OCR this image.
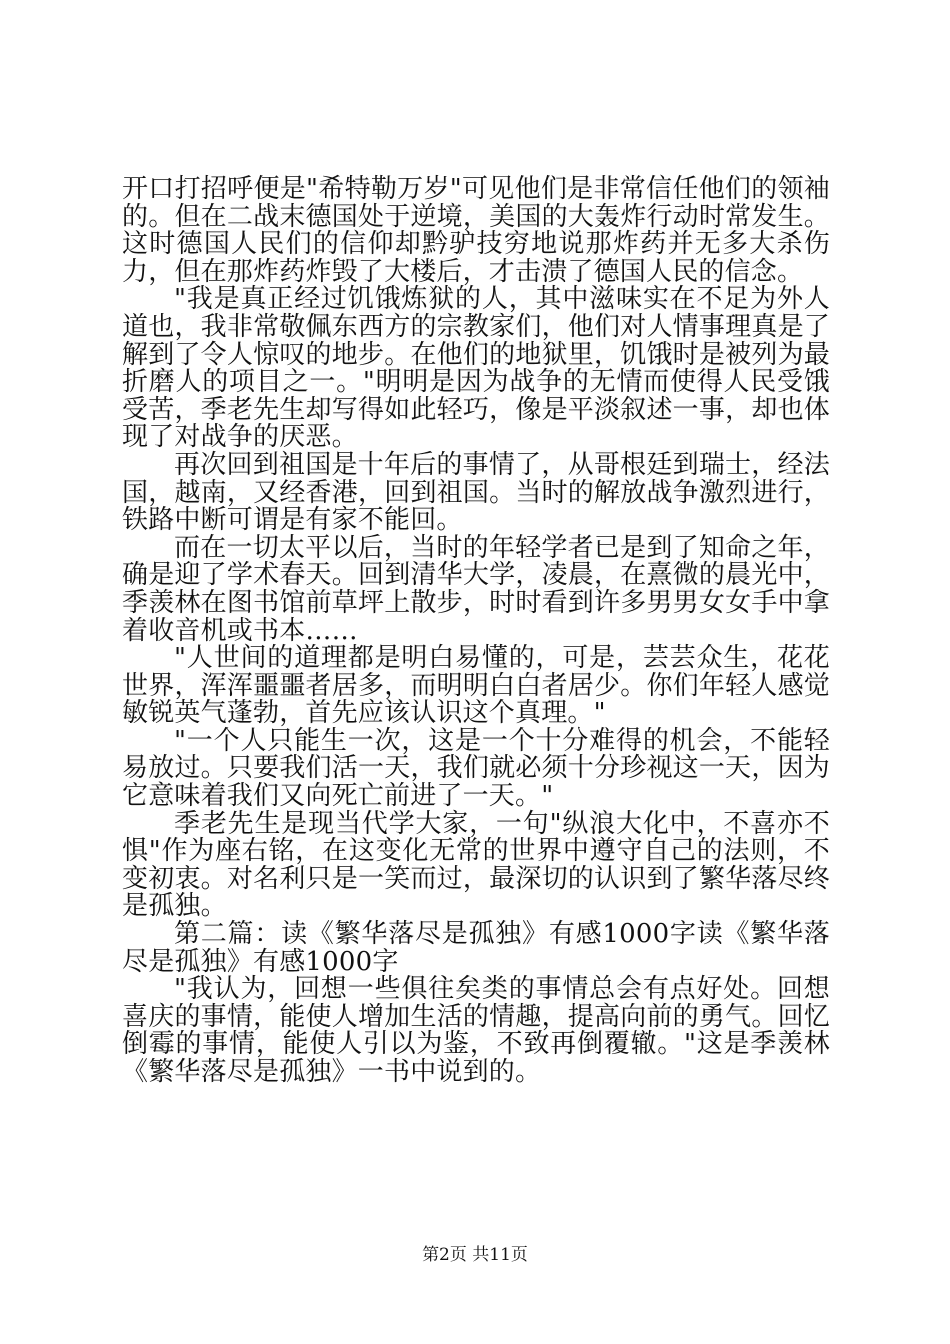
开口打招呼便是"希特勒万岁"可见他们是非常信任他们的领袖的。但在二战末德国处于逆境，美国的大轰炸行动时常发生。这时德国人民们的信仰却黔驴技穷地说那炸药并无多大杀伤力，但在那炸药炸毁了大楼后，才击溃了德国人民的信念。

"我是真正经过饥饿炼狱的人，其中滋味实在不足为外人道也，我非常敬佩东西方的宗教家们，他们对人情事理真是了解到了令人惊叹的地步。在他们的地狱里，饥饿时是被列为最折磨人的项目之一。"明明是因为战争的无情而使得人民受饿受苦，季老先生却写得如此轻巧，像是平淡叙述一事，却也体现了对战争的厌恶。

再次回到祖国是十年后的事情了，从哥根廷到瑞士，经法国，越南，又经香港，回到祖国。当时的解放战争激烈进行，铁路中断可谓是有家不能回。

而在一切太平以后，当时的年轻学者已是到了知命之年，确是迎了学术春天。回到清华大学，凌晨，在熹微的晨光中，季羡林在图书馆前草坪上散步，时时看到许多男男女女手中拿着收音机或书本……

"人世间的道理都是明白易懂的，可是，芸芸众生，花花世界，浑浑噩噩者居多，而明明白白者居少。你们年轻人感觉敏锐英气蓬勃，首先应该认识这个真理。"

"一个人只能生一次，这是一个十分难得的机会，不能轻易放过。只要我们活一天，我们就必须十分珍视这一天，因为它意味着我们又向死亡前进了一天。"

季老先生是现当代学大家，一句"纵浪大化中，不喜亦不惧"作为座右铭，在这变化无常的世界中遵守自己的法则，不变初衷。对名利只是一笑而过，最深切的认识到了繁华落尽终是孤独。

第二篇：读《繁华落尽是孤独》有感1000字读《繁华落尽是孤独》有感1000字

"我认为，回想一些俱往矣类的事情总会有点好处。回想喜庆的事情，能使人增加生活的情趣，提高向前的勇气。回忆倒霉的事情，能使人引以为鉴，不致再倒覆辙。"这是季羡林《繁华落尽是孤独》一书中说到的。

第2页 共11页
